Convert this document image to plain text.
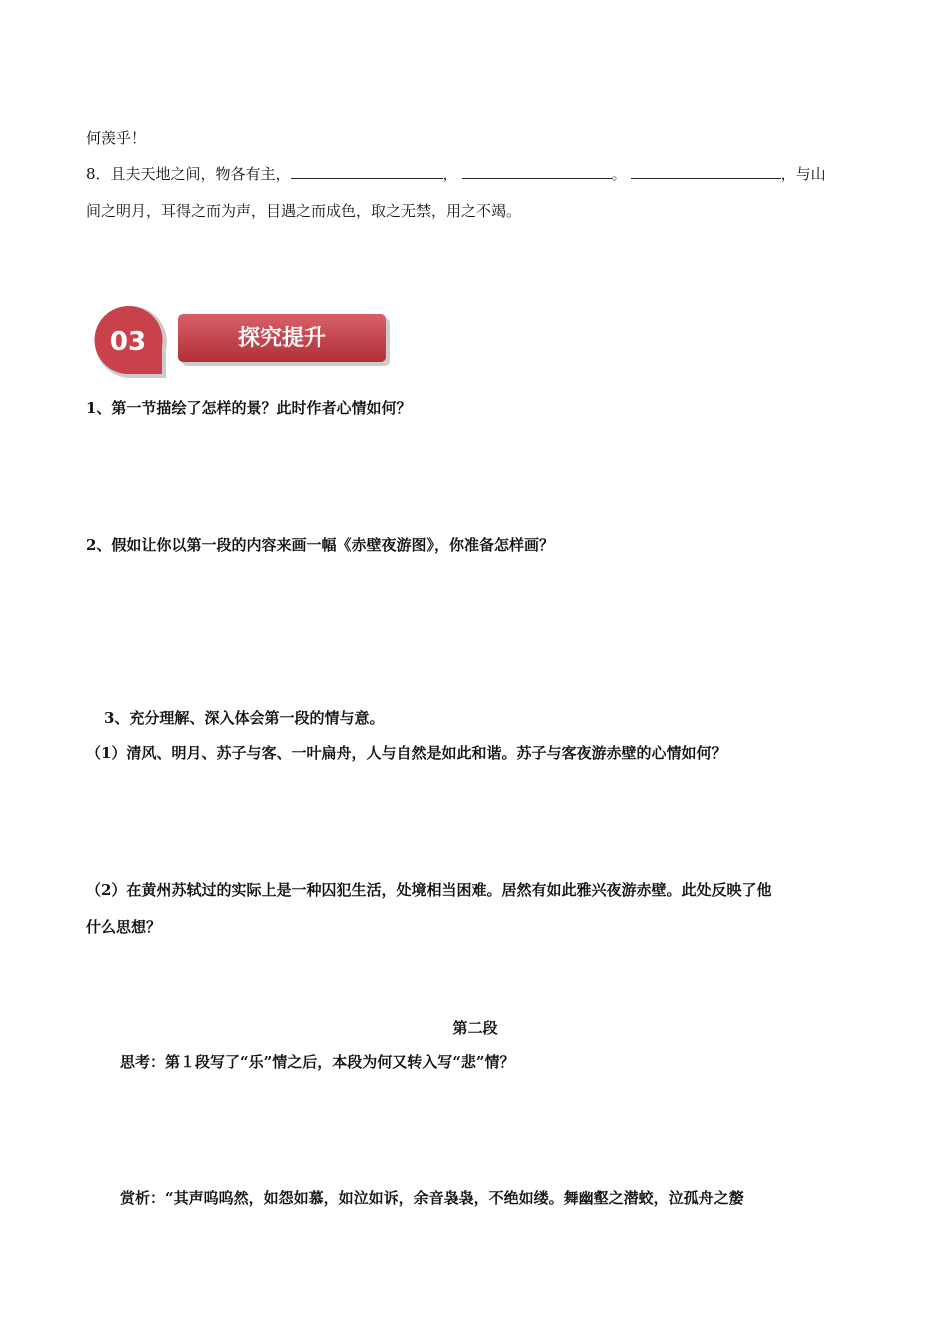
何羡乎！
8．且夫天地之间，物各有主，	，	。	，与山
间之明月，耳得之而为声，目遇之而成色，取之无禁，用之不竭。
03	探究提升
1、第一节描绘了怎样的景？此时作者心情如何？
2、假如让你以第一段的内容来画一幅《赤壁夜游图》，你准备怎样画？
3、充分理解、深入体会第一段的情与意。
（1）清风、明月、苏子与客、一叶扁舟，人与自然是如此和谐。苏子与客夜游赤壁的心情如何？
（2）在黄州苏轼过的实际上是一种囚犯生活，处境相当困难。居然有如此雅兴夜游赤壁。此处反映了他
什么思想？
第二段
思考：第１段写了“乐”情之后，本段为何又转入写“悲”情？
赏析：“其声呜呜然，如怨如慕，如泣如诉，余音袅袅，不绝如缕。舞幽壑之潜蛟，泣孤舟之嫠
